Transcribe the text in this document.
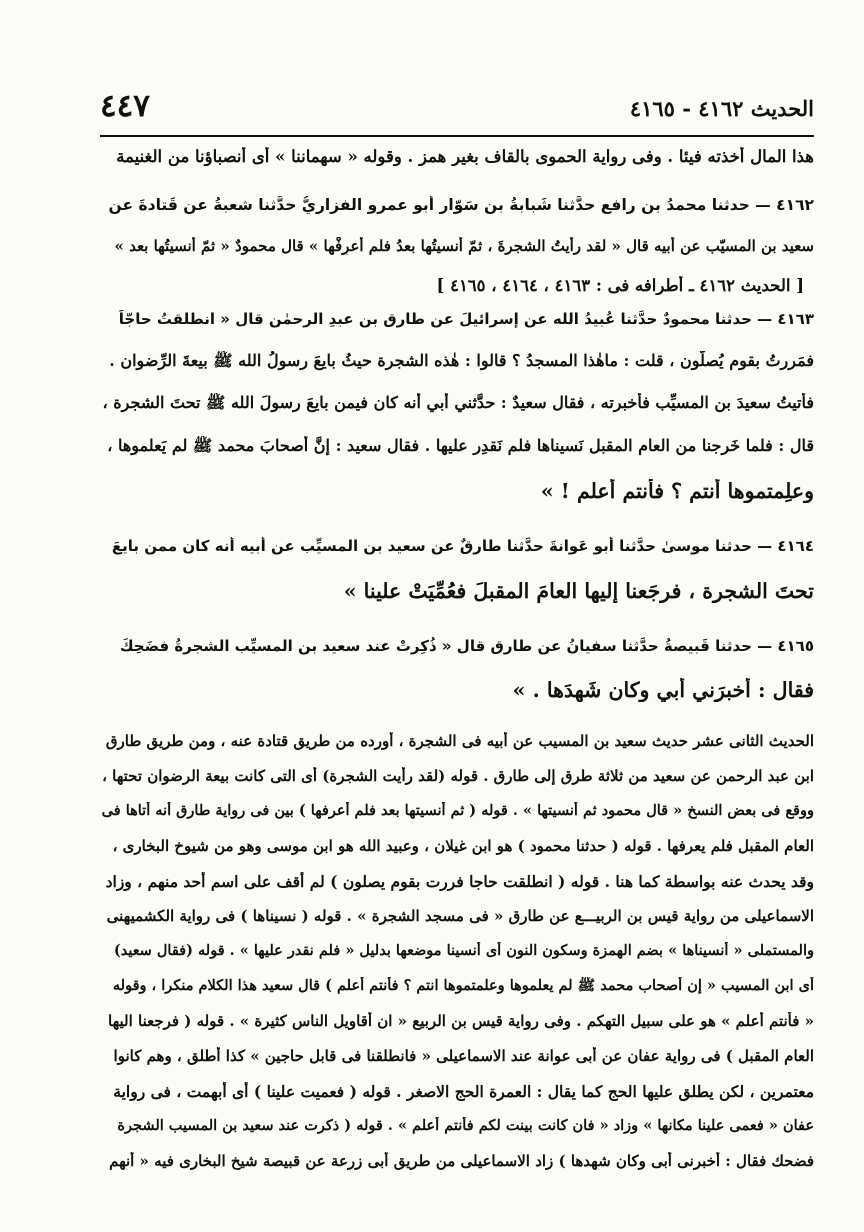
الحديث ٤١٦٢ - ٤١٦٥
٤٤٧
هذا المال أخذته فيئا . وفى رواية الحموى بالقاف بغير همز . وقوله « سهماننا » أى أنصباؤنا من الغنيمة
٤١٦٢ — حدثنا محمدُ بن رافع حدَّثنا شَبابةُ بن سَوّار أبو عمرو الفزاريُّ حدَّثنا شعبةُ عن قَتادةَ عن
سعيد بن المسيّب عن أبيه قال « لقد رأيتُ الشجرةَ ، ثمّ أُنسيتُها بعدُ فلم أعرِفْها » قال محمودٌ « ثمّ أُنسيتُها بعد »
[ الحديث ٤١٦٢ ـ أطرافه فى : ٤١٦٣ ، ٤١٦٤ ، ٤١٦٥ ]
٤١٦٣ — حدثنا محمودٌ حدَّثنا عُبيدُ الله عن إسرائيلَ عن طارقِ بن عبدِ الرحمٰن قال « انطلقتُ حاجّاً
فمَررتُ بقوم يُصلُّون ، قلت : ماهٰذا المسجدُ ؟ قالوا : هٰذه الشجرة حيثُ بايعَ رسولُ الله ﷺ بيعةَ الرِّضوان .
فأتيتُ سعيدَ بن المسيِّب فأخبرته ، فقال سعيدٌ : حدَّثني أبي أنه كان فيمن بايعَ رسولَ الله ﷺ تحتَ الشجرة ،
قال : فلما خَرجنا من العام المقبل نَسيناها فلم نَقدِر عليها . فقال سعيد : إنَّ أصحابَ محمد ﷺ لم يَعلموها ،
وعلِمتموها أنتم ؟ فأنتم أعلم ! »
٤١٦٤ — حدثنا موسىٰ حدَّثنا أبو عَوانةَ حدَّثنا طارقٌ عن سعيد بن المسيِّب عن أبيه أنه كان ممن بايعَ
تحتَ الشجرة ، فرجَعنا إليها العامَ المقبلَ فعُمِّيَتْ علينا »
٤١٦٥ — حدثنا قَبيصةُ حدَّثنا سفيانُ عن طارق قال « ذُكِرتْ عند سعيد بن المسيِّب الشجرةُ فضَحِكَ
فقال : أخبرَني أبي وكان شَهِدَها . »
الحديث الثانى عشر حديث سعيد بن المسيب عن أبيه فى الشجرة ، أورده من طريق قتادة عنه ، ومن طريق طارق
ابن عبد الرحمن عن سعيد من ثلاثة طرق إلى طارق . قوله (لقد رأيت الشجرة) أى التى كانت بيعة الرضوان تحتها ،
ووقع فى بعض النسخ « قال محمود ثم أنسيتها » . قوله ( ثم أنسيتها بعد فلم أعرفها ) بين فى رواية طارق أنه أتاها فى
العام المقبل فلم يعرفها . قوله ( حدثنا محمود ) هو ابن غيلان ، وعبيد الله هو ابن موسى وهو من شيوخ البخارى ،
وقد يحدث عنه بواسطة كما هنا . قوله ( انطلقت حاجا فررت بقوم يصلون ) لم أقف على اسم أحد منهم ، وزاد
الاسماعيلى من رواية قيس بن الربيـــع عن طارق « فى مسجد الشجرة » . قوله ( نسيناها ) فى رواية الكشميهنى
والمستملى « أنسيناها » بضم الهمزة وسكون النون أى أنسينا موضعها بدليل « فلم نقدر عليها » . قوله (فقال سعيد)
أى ابن المسيب « إن أصحاب محمد ﷺ لم يعلموها وعلمتموها انتم ؟ فأنتم أعلم ) قال سعيد هذا الكلام منكرا ، وقوله
« فأنتم أعلم » هو على سبيل التهكم . وفى رواية قيس بن الربيع « ان أقاويل الناس كثيرة » . قوله ( فرجعنا اليها
العام المقبل ) فى رواية عفان عن أبى عوانة عند الاسماعيلى « فانطلقنا فى قابل حاجين » كذا أطلق ، وهم كانوا
معتمرين ، لكن يطلق عليها الحج كما يقال : العمرة الحج الاصغر . قوله ( فعميت علينا ) أى أبهمت ، فى رواية
عفان « فعمى علينا مكانها » وزاد « فان كانت بينت لكم فأنتم أعلم » . قوله ( ذكرت عند سعيد بن المسيب الشجرة
فضحك فقال : أخبرنى أبى وكان شهدها ) زاد الاسماعيلى من طريق أبى زرعة عن قبيصة شيخ البخارى فيه « أنهم
